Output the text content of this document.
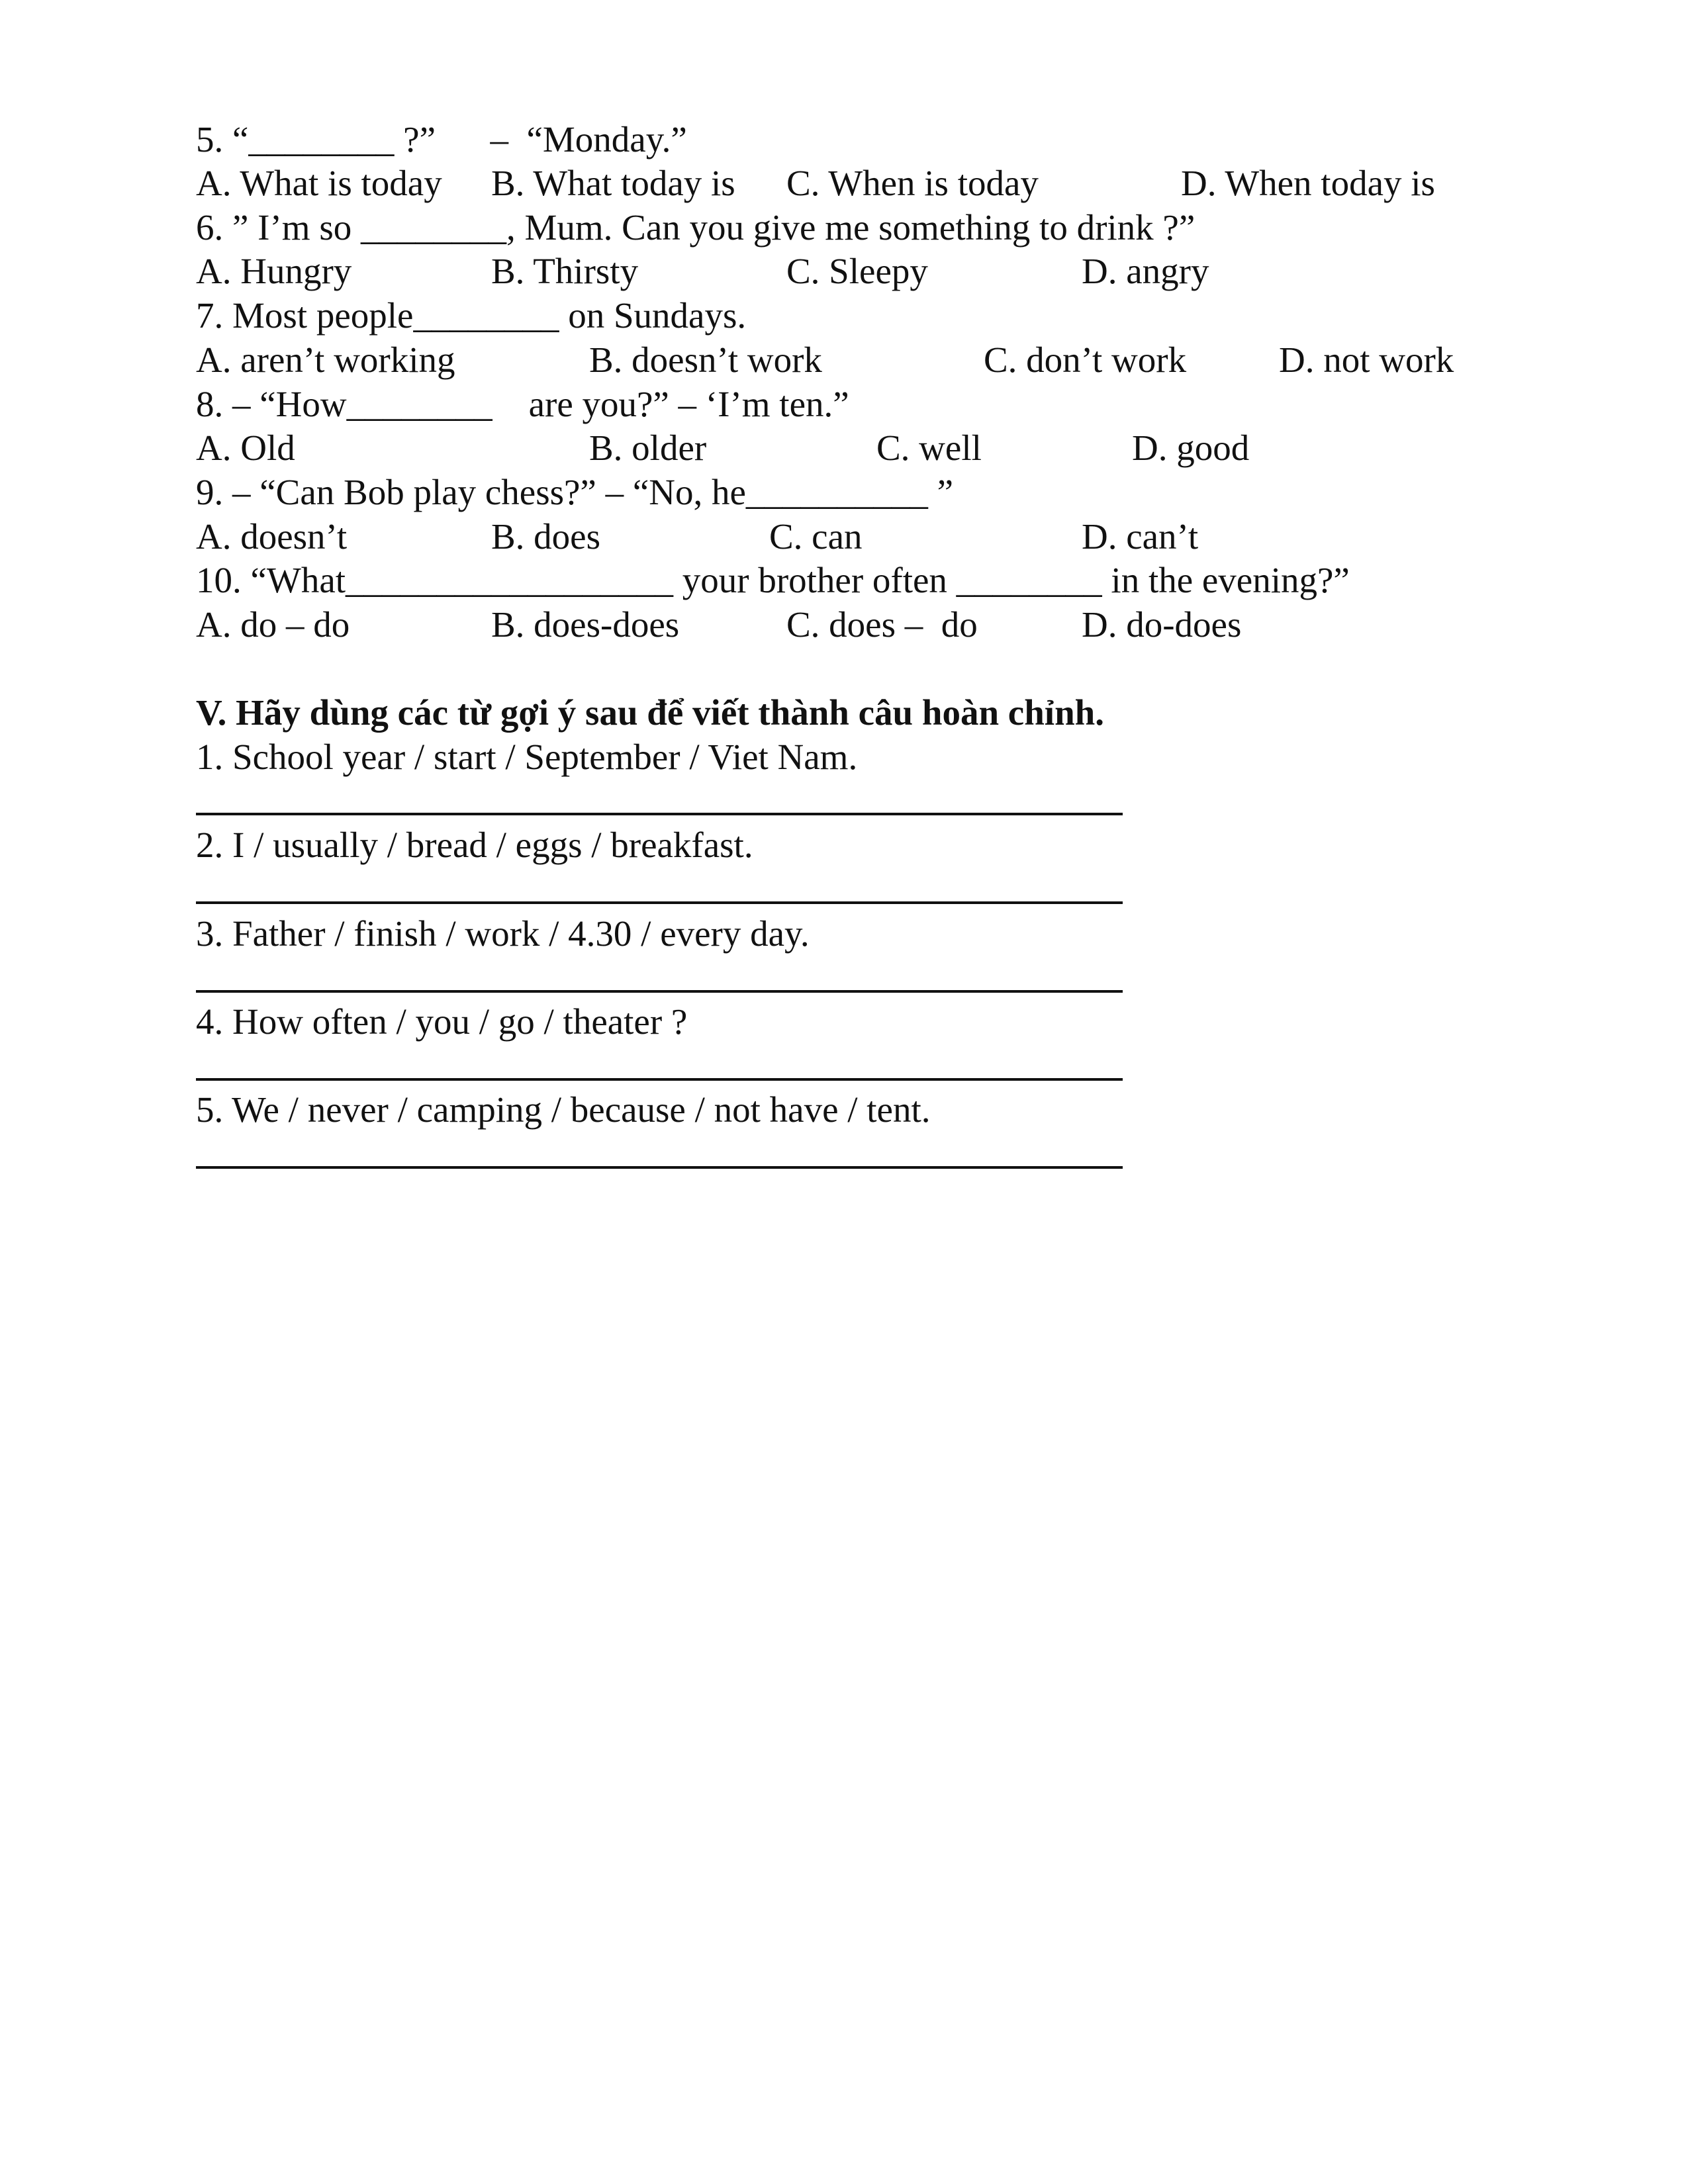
5. “________ ?”      –  “Monday.”

A. What is today

B. What today is

C. When is today

	D. When today is

6. ” I’m so ________, Mum. Can you give me something to drink ?”

A. Hungry

	B. Thirsty

	C. Sleepy

	D. angry

7. Most people________ on Sundays.

A. aren’t working

	B. doesn’t work

	C. don’t work

	D. not work

8. – “How________    are you?” – ‘I’m ten.”

A. Old

	B. older

	C. well

	D. good

9. – “Can Bob play chess?” – “No, he__________ ”

A. doesn’t

	B. does

	C. can

	D. can’t

10. “What__________________ your brother often ________ in the evening?”

A. do – do

	B. does-does

	C. does –  do

	D. do-does

V. Hãy dùng các từ gợi ý sau để viết thành câu hoàn chỉnh.

1. School year / start / September / Viet Nam.

2. I / usually / bread / eggs / breakfast.

3. Father / finish / work / 4.30 / every day.

4. How often / you / go / theater ?

5. We / never / camping / because / not have / tent.
